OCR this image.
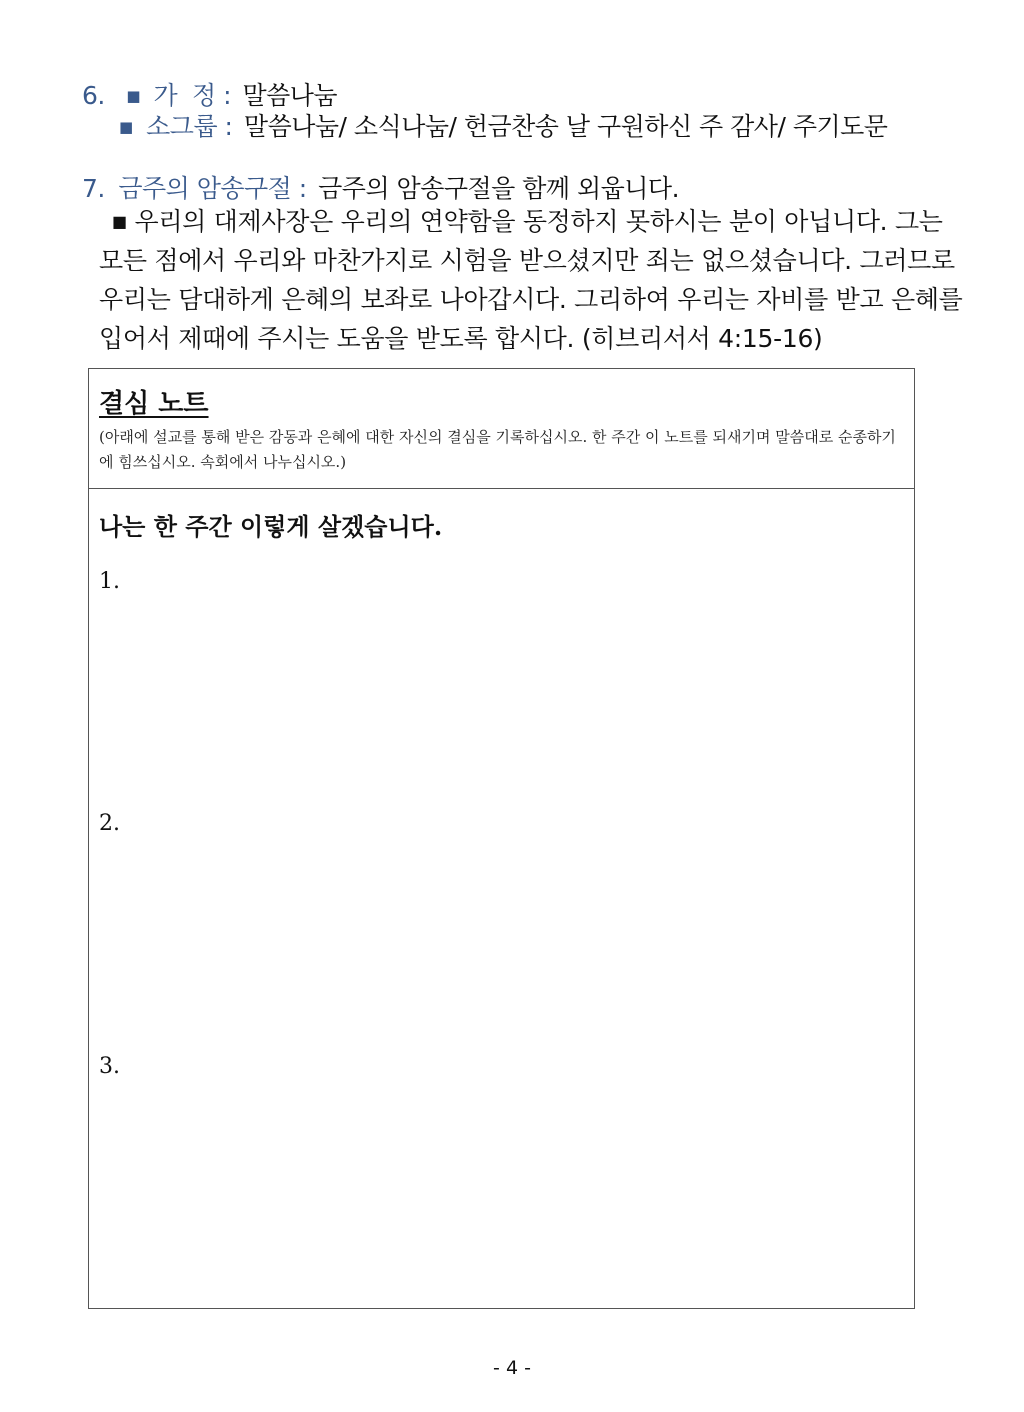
6. ■ 가  정 : 말씀나눔
■ 소그룹 : 말씀나눔/ 소식나눔/ 헌금찬송 날 구원하신 주 감사/ 주기도문
7. 금주의 암송구절 : 금주의 암송구절을 함께 외웁니다.
■ 우리의 대제사장은 우리의 연약함을 동정하지 못하시는 분이 아닙니다. 그는
모든 점에서 우리와 마찬가지로 시험을 받으셨지만 죄는 없으셨습니다. 그러므로
우리는 담대하게 은혜의 보좌로 나아갑시다. 그리하여 우리는 자비를 받고 은혜를
입어서 제때에 주시는 도움을 받도록 합시다. (히브리서서 4:15-16)
결심 노트
(아래에 설교를 통해 받은 감동과 은혜에 대한 자신의 결심을 기록하십시오. 한 주간 이 노트를 되새기며 말씀대로 순종하기에 힘쓰십시오. 속회에서 나누십시오.)
나는 한 주간 이렇게 살겠습니다.
1.
2.
3.
- 4 -
